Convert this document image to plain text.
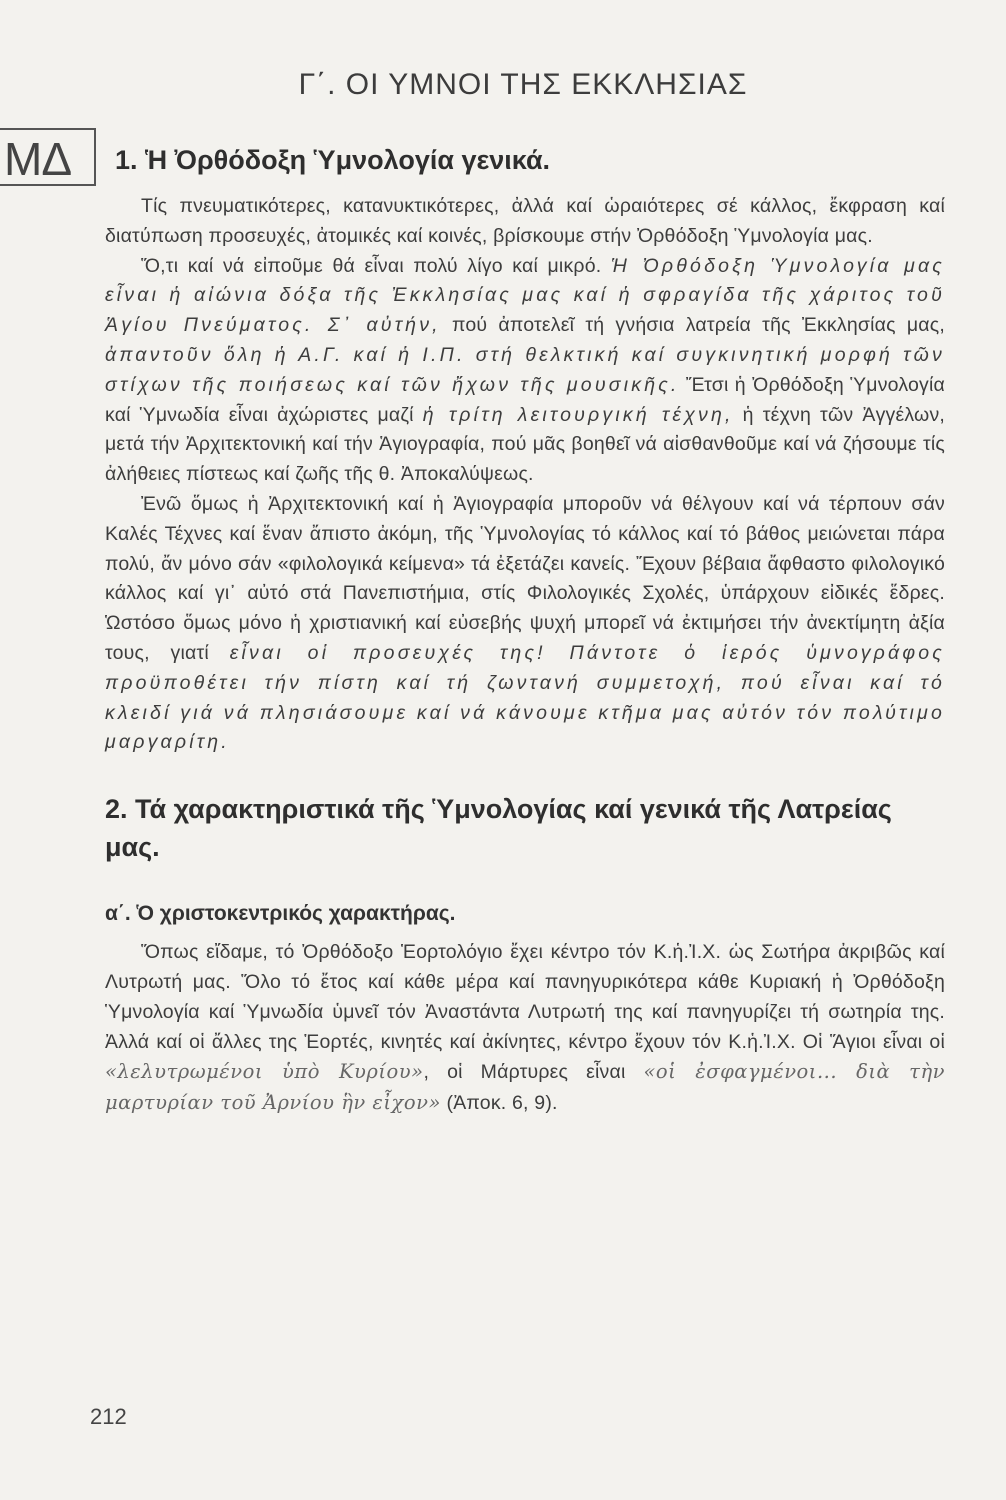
ΜΔ
Γ΄. ΟΙ ΥΜΝΟΙ ΤΗΣ ΕΚΚΛΗΣΙΑΣ
1. Ἡ Ὀρθόδοξη Ὑμνολογία γενικά.

Τίς πνευματικότερες, κατανυκτικότερες, ἀλλά καί ὡραιότερες σέ κάλλος, ἔκφραση καί διατύπωση προσευχές, ἀτομικές καί κοινές, βρίσκουμε στήν Ὀρθόδοξη Ὑμνολογία μας.

Ὅ,τι καί νά εἰποῦμε θά εἶναι πολύ λίγο καί μικρό. Ἡ Ὀρθόδοξη Ὑμνολογία μας εἶναι ἡ αἰώνια δόξα τῆς Ἐκκλησίας μας καί ἡ σφραγίδα τῆς χάριτος τοῦ Ἁγίου Πνεύματος. Σ᾽ αὐτήν, πού ἀποτελεῖ τή γνήσια λατρεία τῆς Ἐκκλησίας μας, ἀπαντοῦν ὅλη ἡ Α.Γ. καί ἡ Ι.Π. στή θελκτική καί συγκινητική μορφή τῶν στίχων τῆς ποιήσεως καί τῶν ἤχων τῆς μουσικῆς. Ἔτσι ἡ Ὀρθόδοξη Ὑμνολογία καί Ὑμνωδία εἶναι ἀχώριστες μαζί ἡ τρίτη λειτουργική τέχνη, ἡ τέχνη τῶν Ἀγγέλων, μετά τήν Ἀρχιτεκτονική καί τήν Ἁγιογραφία, πού μᾶς βοηθεῖ νά αἰσθανθοῦμε καί νά ζήσουμε τίς ἀλήθειες πίστεως καί ζωῆς τῆς θ. Ἀποκαλύψεως.

Ἐνῶ ὅμως ἡ Ἀρχιτεκτονική καί ἡ Ἁγιογραφία μποροῦν νά θέλγουν καί νά τέρπουν σάν Καλές Τέχνες καί ἕναν ἄπιστο ἀκόμη, τῆς Ὑμνολογίας τό κάλλος καί τό βάθος μειώνεται πάρα πολύ, ἄν μόνο σάν «φιλολογικά κείμενα» τά ἐξετάζει κανείς. Ἔχουν βέβαια ἄφθαστο φιλολογικό κάλλος καί γι᾽ αὐτό στά Πανεπιστήμια, στίς Φιλολογικές Σχολές, ὑπάρχουν εἰδικές ἕδρες. Ὡστόσο ὅμως μόνο ἡ χριστιανική καί εὐσεβής ψυχή μπορεῖ νά ἐκτιμήσει τήν ἀνεκτίμητη ἀξία τους, γιατί εἶναι οἱ προσευχές της! Πάντοτε ὁ ἱερός ὑμνογράφος προϋποθέτει τήν πίστη καί τή ζωντανή συμμετοχή, πού εἶναι καί τό κλειδί γιά νά πλησιάσουμε καί νά κάνουμε κτῆμα μας αὐτόν τόν πολύτιμο μαργαρίτη.

2. Τά χαρακτηριστικά τῆς Ὑμνολογίας καί γενικά τῆς Λατρείας μας.
α΄. Ὁ χριστοκεντρικός χαρακτήρας.

Ὅπως εἴδαμε, τό Ὀρθόδοξο Ἑορτολόγιο ἔχει κέντρο τόν Κ.ἡ.Ἰ.Χ. ὡς Σωτήρα ἀκριβῶς καί Λυτρωτή μας. Ὅλο τό ἔτος καί κάθε μέρα καί πανηγυρικότερα κάθε Κυριακή ἡ Ὀρθόδοξη Ὑμνολογία καί Ὑμνωδία ὑμνεῖ τόν Ἀναστάντα Λυτρωτή της καί πανηγυρίζει τή σωτηρία της. Ἀλλά καί οἱ ἄλλες της Ἑορτές, κινητές καί ἀκίνητες, κέντρο ἔχουν τόν Κ.ἡ.Ἰ.Χ. Οἱ Ἅγιοι εἶναι οἱ «λελυτρωμένοι ὑπὸ Κυρίου», οἱ Μάρτυρες εἶναι «οἱ ἐσφαγμένοι... διὰ τὴν μαρτυρίαν τοῦ Ἀρνίου ἣν εἶχον» (Ἀποκ. 6, 9).

212
